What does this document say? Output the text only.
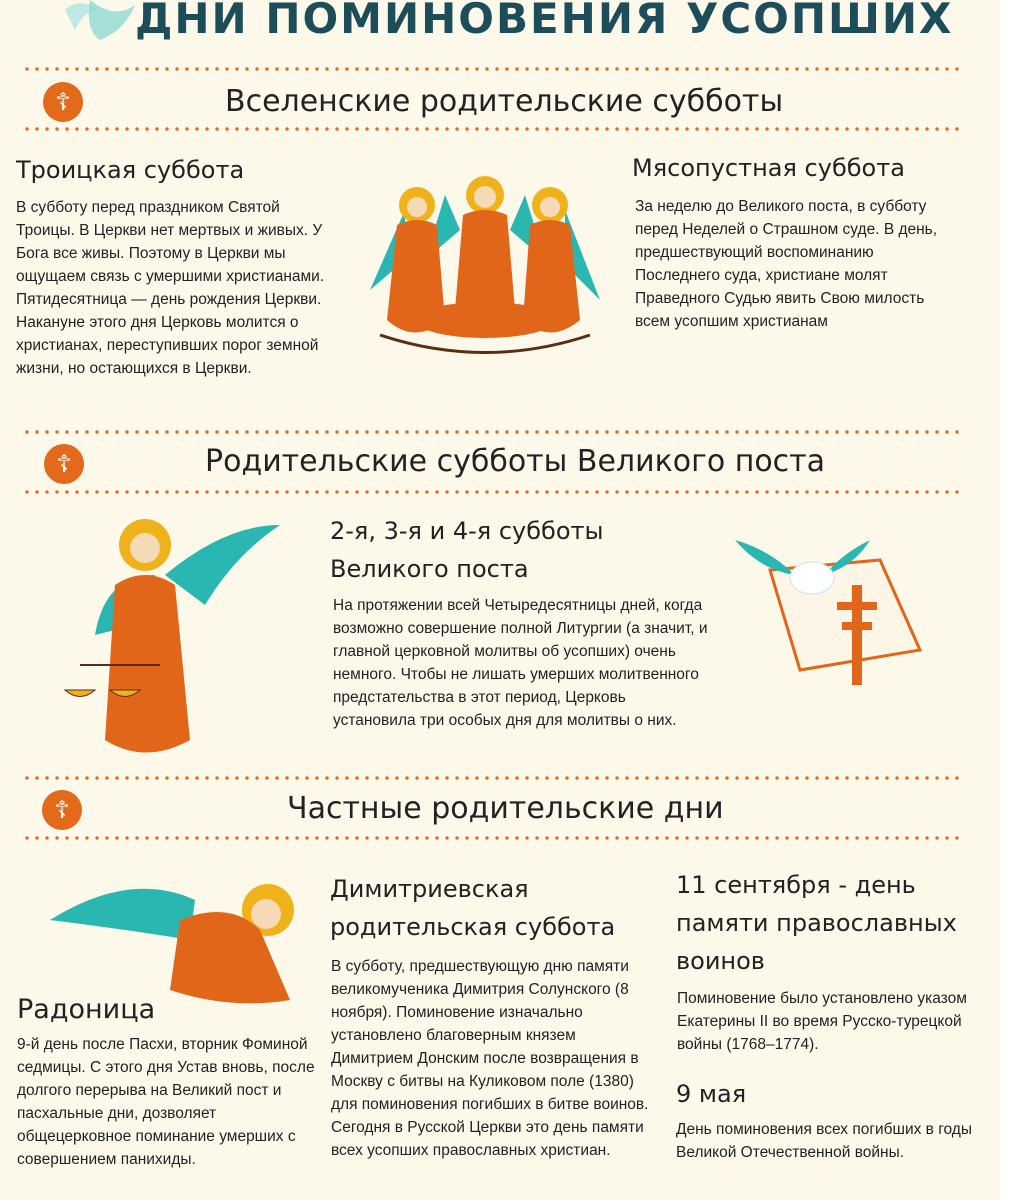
ДНИ ПОМИНОВЕНИЯ УСОПШИХ
☦	Вселенские родительские субботы
Троицкая суббота

В субботу перед праздником Святой Троицы. В Церкви нет мертвых и живых. У Бога все живы. Поэтому в Церкви мы ощущаем связь с умершими христианами. Пятидесятница — день рождения Церкви. Накануне этого дня Церковь молится о христианах, переступивших порог земной жизни, но остающихся в Церкви.

Мясопустная суббота

За неделю до Великого поста, в субботу перед Неделей о Страшном суде. В день, предшествующий воспоминанию Последнего суда, христиане молят Праведного Судью явить Свою милость всем усопшим христианам

☦	Родительские субботы Великого поста
2-я, 3-я и 4-я субботы Великого поста

На протяжении всей Четыредесятницы дней, когда возможно совершение полной Литургии (а значит, и главной церковной молитвы об усопших) очень немного. Чтобы не лишать умерших молитвенного предстательства в этот период, Церковь установила три особых дня для молитвы о них.

☦	Частные родительские дни
Радоница

9-й день после Пасхи, вторник Фоминой седмицы. С этого дня Устав вновь, после долгого перерыва на Великий пост и пасхальные дни, дозволяет общецерковное поминание умерших с совершением панихиды.

Димитриевская родительская суббота

В субботу, предшествующую дню памяти великомученика Димитрия Солунского (8 ноября). Поминовение изначально установлено благоверным князем Димитрием Донским после возвращения в Москву с битвы на Куликовом поле (1380) для поминовения погибших в битве воинов. Сегодня в Русской Церкви это день памяти всех усопших православных христиан.

11 сентября - день памяти православных воинов

Поминовение было установлено указом Екатерины II во время Русско-турецкой войны (1768–1774).

9 мая

День поминовения всех погибших в годы Великой Отечественной войны.
